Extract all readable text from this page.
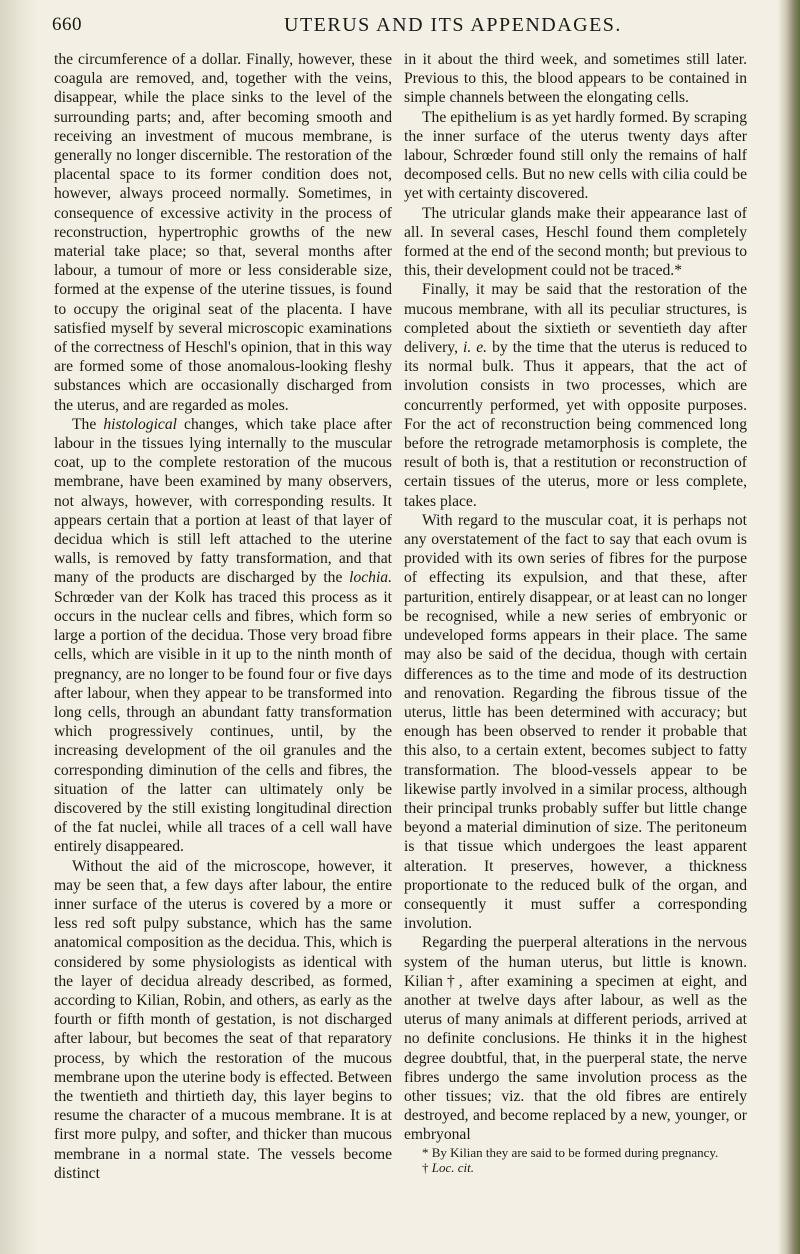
660	UTERUS AND ITS APPENDAGES.

the circumference of a dollar. Finally, however, these coagula are removed, and, together with the veins, disappear, while the place sinks to the level of the surrounding parts; and, after becoming smooth and receiving an investment of mucous membrane, is generally no longer discernible. The restoration of the placental space to its former condition does not, however, always proceed normally. Sometimes, in consequence of excessive activity in the process of reconstruction, hypertrophic growths of the new material take place; so that, several months after labour, a tumour of more or less considerable size, formed at the expense of the uterine tissues, is found to occupy the original seat of the placenta. I have satisfied myself by several microscopic examinations of the correctness of Heschl's opinion, that in this way are formed some of those anomalous-looking fleshy substances which are occasionally discharged from the uterus, and are regarded as moles.

The histological changes, which take place after labour in the tissues lying internally to the muscular coat, up to the complete restoration of the mucous membrane, have been examined by many observers, not always, however, with corresponding results. It appears certain that a portion at least of that layer of decidua which is still left attached to the uterine walls, is removed by fatty transformation, and that many of the products are discharged by the lochia. Schrœder van der Kolk has traced this process as it occurs in the nuclear cells and fibres, which form so large a portion of the decidua. Those very broad fibre cells, which are visible in it up to the ninth month of pregnancy, are no longer to be found four or five days after labour, when they appear to be transformed into long cells, through an abundant fatty transformation which progressively continues, until, by the increasing development of the oil granules and the corresponding diminution of the cells and fibres, the situation of the latter can ultimately only be discovered by the still existing longitudinal direction of the fat nuclei, while all traces of a cell wall have entirely disappeared.

Without the aid of the microscope, however, it may be seen that, a few days after labour, the entire inner surface of the uterus is covered by a more or less red soft pulpy substance, which has the same anatomical composition as the decidua. This, which is considered by some physiologists as identical with the layer of decidua already described, as formed, according to Kilian, Robin, and others, as early as the fourth or fifth month of gestation, is not discharged after labour, but becomes the seat of that reparatory process, by which the restoration of the mucous membrane upon the uterine body is effected. Between the twentieth and thirtieth day, this layer begins to resume the character of a mucous membrane. It is at first more pulpy, and softer, and thicker than mucous membrane in a normal state. The vessels become distinct

in it about the third week, and sometimes still later. Previous to this, the blood appears to be contained in simple channels between the elongating cells.

The epithelium is as yet hardly formed. By scraping the inner surface of the uterus twenty days after labour, Schrœder found still only the remains of half decomposed cells. But no new cells with cilia could be yet with certainty discovered.

The utricular glands make their appearance last of all. In several cases, Heschl found them completely formed at the end of the second month; but previous to this, their development could not be traced.*

Finally, it may be said that the restoration of the mucous membrane, with all its peculiar structures, is completed about the sixtieth or seventieth day after delivery, i. e. by the time that the uterus is reduced to its normal bulk. Thus it appears, that the act of involution consists in two processes, which are concurrently performed, yet with opposite purposes. For the act of reconstruction being commenced long before the retrograde metamorphosis is complete, the result of both is, that a restitution or reconstruction of certain tissues of the uterus, more or less complete, takes place.

With regard to the muscular coat, it is perhaps not any overstatement of the fact to say that each ovum is provided with its own series of fibres for the purpose of effecting its expulsion, and that these, after parturition, entirely disappear, or at least can no longer be recognised, while a new series of embryonic or undeveloped forms appears in their place. The same may also be said of the decidua, though with certain differences as to the time and mode of its destruction and renovation. Regarding the fibrous tissue of the uterus, little has been determined with accuracy; but enough has been observed to render it probable that this also, to a certain extent, becomes subject to fatty transformation. The blood-vessels appear to be likewise partly involved in a similar process, although their principal trunks probably suffer but little change beyond a material diminution of size. The peritoneum is that tissue which undergoes the least apparent alteration. It preserves, however, a thickness proportionate to the reduced bulk of the organ, and consequently it must suffer a corresponding involution.

Regarding the puerperal alterations in the nervous system of the human uterus, but little is known. Kilian†, after examining a specimen at eight, and another at twelve days after labour, as well as the uterus of many animals at different periods, arrived at no definite conclusions. He thinks it in the highest degree doubtful, that, in the puerperal state, the nerve fibres undergo the same involution process as the other tissues; viz. that the old fibres are entirely destroyed, and become replaced by a new, younger, or embryonal

* By Kilian they are said to be formed during pregnancy.

† Loc. cit.
